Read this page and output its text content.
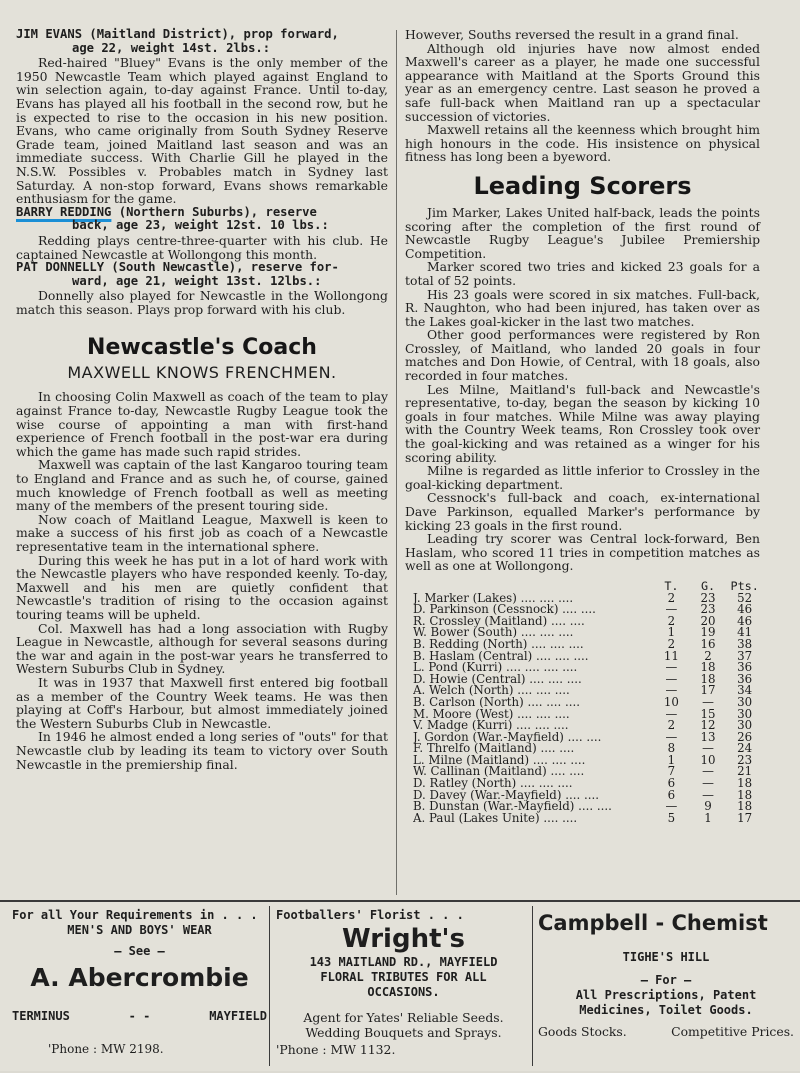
JIM EVANS (Maitland District), prop forward,
age 22, weight 14st. 2lbs.:

Red-haired "Bluey" Evans is the only member of the 1950 Newcastle Team which played against England to win selection again, to-day against France. Until to-day, Evans has played all his football in the second row, but he is expected to rise to the occasion in his new position. Evans, who came originally from South Sydney Reserve Grade team, joined Maitland last season and was an immediate success. With Charlie Gill he played in the N.S.W. Possibles v. Probables match in Sydney last Saturday. A non-stop forward, Evans shows remarkable enthusiasm for the game.

BARRY REDDING (Northern Suburbs), reserve
back, age 23, weight 12st. 10 lbs.:

Redding plays centre-three-quarter with his club. He captained Newcastle at Wollongong this month.

PAT DONNELLY (South Newcastle), reserve for-
ward, age 21, weight 13st. 12lbs.:

Donnelly also played for Newcastle in the Wollongong match this season. Plays prop forward with his club.

Newcastle's Coach
MAXWELL KNOWS FRENCHMEN.

In choosing Colin Maxwell as coach of the team to play against France to-day, Newcastle Rugby League took the wise course of appointing a man with first-hand experience of French football in the post-war era during which the game has made such rapid strides.

Maxwell was captain of the last Kangaroo touring team to England and France and as such he, of course, gained much knowledge of French football as well as meeting many of the members of the present touring side.

Now coach of Maitland League, Maxwell is keen to make a success of his first job as coach of a Newcastle representative team in the international sphere.

During this week he has put in a lot of hard work with the Newcastle players who have responded keenly. To-day, Maxwell and his men are quietly confident that Newcastle's tradition of rising to the occasion against touring teams will be upheld.

Col. Maxwell has had a long association with Rugby League in Newcastle, although for several seasons during the war and again in the post-war years he transferred to Western Suburbs Club in Sydney.

It was in 1937 that Maxwell first entered big football as a member of the Country Week teams. He was then playing at Coff's Harbour, but almost immediately joined the Western Suburbs Club in Newcastle.

In 1946 he almost ended a long series of "outs" for that Newcastle club by leading its team to victory over South Newcastle in the premiership final.

However, Souths reversed the result in a grand final.

Although old injuries have now almost ended Maxwell's career as a player, he made one successful appearance with Maitland at the Sports Ground this year as an emergency centre. Last season he proved a safe full-back when Maitland ran up a spectacular succession of victories.

Maxwell retains all the keenness which brought him high honours in the code. His insistence on physical fitness has long been a byeword.

Leading Scorers

Jim Marker, Lakes United half-back, leads the points scoring after the completion of the first round of Newcastle Rugby League's Jubilee Premiership Competition.

Marker scored two tries and kicked 23 goals for a total of 52 points.

His 23 goals were scored in six matches. Full-back, R. Naughton, who had been injured, has taken over as the Lakes goal-kicker in the last two matches.

Other good performances were registered by Ron Crossley, of Maitland, who landed 20 goals in four matches and Don Howie, of Central, with 18 goals, also recorded in four matches.

Les Milne, Maitland's full-back and Newcastle's representative, to-day, began the season by kicking 10 goals in four matches. While Milne was away playing with the Country Week teams, Ron Crossley took over the goal-kicking and was retained as a winger for his scoring ability.

Milne is regarded as little inferior to Crossley in the goal-kicking department.

Cessnock's full-back and coach, ex-international Dave Parkinson, equalled Marker's performance by kicking 23 goals in the first round.

Leading try scorer was Central lock-forward, Ben Haslam, who scored 11 tries in competition matches as well as one at Wollongong.

	T.	G.	Pts.
J. Marker (Lakes) .... .... ....	2	23	52
D. Parkinson (Cessnock) .... ....	—	23	46
R. Crossley (Maitland) .... ....	2	20	46
W. Bower (South) .... .... ....	1	19	41
B. Redding (North) .... .... ....	2	16	38
B. Haslam (Central) .... .... ....	11	2	37
L. Pond (Kurri) .... .... .... ....	—	18	36
D. Howie (Central) .... .... ....	—	18	36
A. Welch (North) .... .... ....	—	17	34
B. Carlson (North) .... .... ....	10	—	30
M. Moore (West) .... .... ....	—	15	30
V. Madge (Kurri) .... .... ....	2	12	30
J. Gordon (War.-Mayfield) .... ....	—	13	26
F. Threlfo (Maitland) .... ....	8	—	24
L. Milne (Maitland) .... .... ....	1	10	23
W. Callinan (Maitland) .... ....	7	—	21
D. Ratley (North) .... .... ....	6	—	18
D. Davey (War.-Mayfield) .... ....	6	—	18
B. Dunstan (War.-Mayfield) .... ....	—	9	18
A. Paul (Lakes Unite) .... ....	5	1	17
For all Your Requirements in . . .
MEN'S AND BOYS' WEAR
— See —
A. Abercrombie
TERMINUS	- -	MAYFIELD
'Phone : MW 2198.
Footballers' Florist . . .
Wright's
143 MAITLAND RD., MAYFIELD
FLORAL TRIBUTES FOR ALL
OCCASIONS.
Agent for Yates' Reliable Seeds.
Wedding Bouquets and Sprays.
'Phone : MW 1132.
Campbell - Chemist
TIGHE'S HILL
— For —
All Prescriptions, Patent
Medicines, Toilet Goods.
Goods Stocks.	Competitive Prices.
